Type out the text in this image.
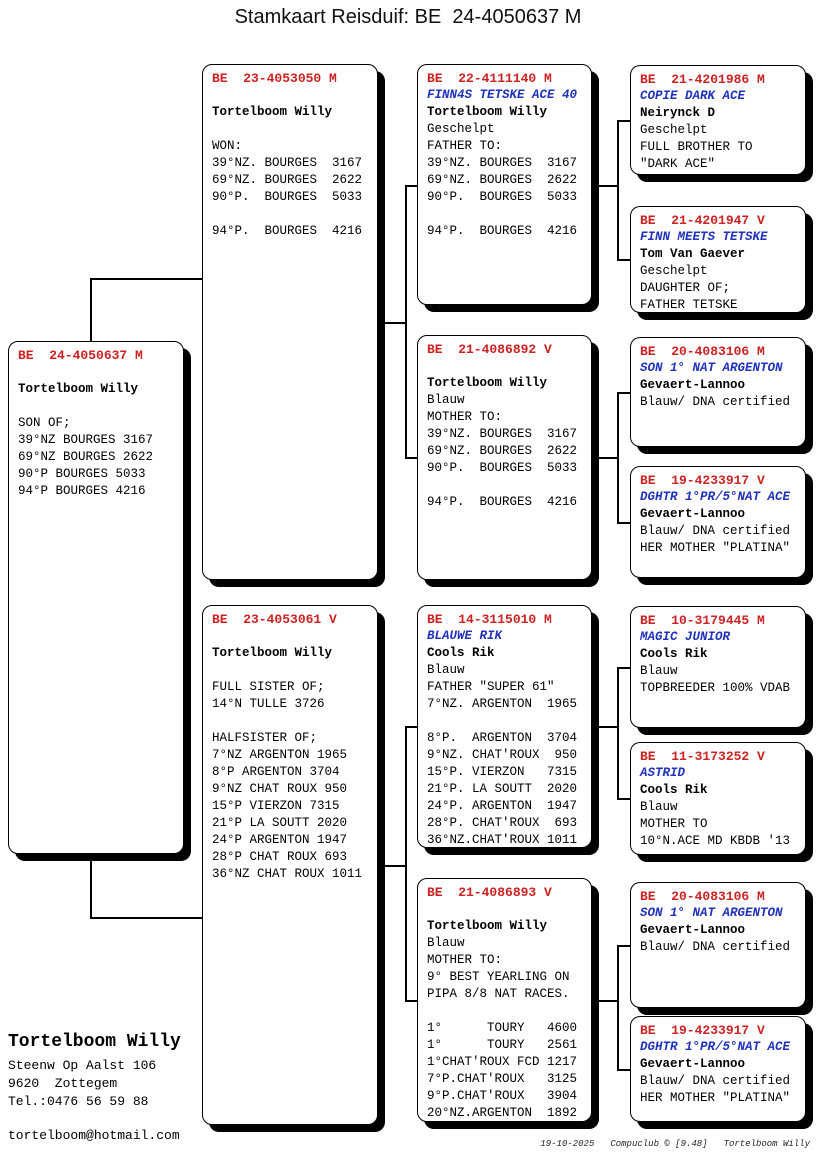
Stamkaart Reisduif: BE  24-4050637 M
BE  24-4050637 M

Tortelboom Willy

SON OF;
39°NZ BOURGES 3167
69°NZ BOURGES 2622
90°P BOURGES 5033
94°P BOURGES 4216
BE  23-4053050 M

Tortelboom Willy

WON:
39°NZ. BOURGES  3167
69°NZ. BOURGES  2622
90°P.  BOURGES  5033

94°P.  BOURGES  4216
BE  23-4053061 V

Tortelboom Willy

FULL SISTER OF;
14°N TULLE 3726

HALFSISTER OF;
7°NZ ARGENTON 1965
8°P ARGENTON 3704
9°NZ CHAT ROUX 950
15°P VIERZON 7315
21°P LA SOUTT 2020
24°P ARGENTON 1947
28°P CHAT ROUX 693
36°NZ CHAT ROUX 1011
BE  22-4111140 M
FINN4S TETSKE ACE 40
Tortelboom Willy
Geschelpt
FATHER TO:
39°NZ. BOURGES  3167
69°NZ. BOURGES  2622
90°P.  BOURGES  5033

94°P.  BOURGES  4216
BE  21-4086892 V

Tortelboom Willy
Blauw
MOTHER TO:
39°NZ. BOURGES  3167
69°NZ. BOURGES  2622
90°P.  BOURGES  5033

94°P.  BOURGES  4216
BE  14-3115010 M
BLAUWE RIK
Cools Rik
Blauw
FATHER "SUPER 61"
7°NZ. ARGENTON  1965

8°P.  ARGENTON  3704
9°NZ. CHAT'ROUX  950
15°P. VIERZON   7315
21°P. LA SOUTT  2020
24°P. ARGENTON  1947
28°P. CHAT'ROUX  693
36°NZ.CHAT'ROUX 1011
BE  21-4086893 V

Tortelboom Willy
Blauw
MOTHER TO:
9° BEST YEARLING ON
PIPA 8/8 NAT RACES.

1°      TOURY   4600
1°      TOURY   2561
1°CHAT'ROUX FCD 1217
7°P.CHAT'ROUX   3125
9°P.CHAT'ROUX   3904
20°NZ.ARGENTON  1892
BE  21-4201986 M
COPIE DARK ACE
Neirynck D
Geschelpt
FULL BROTHER TO
"DARK ACE"
BE  21-4201947 V
FINN MEETS TETSKE
Tom Van Gaever
Geschelpt
DAUGHTER OF;
FATHER TETSKE
BE  20-4083106 M
SON 1° NAT ARGENTON
Gevaert-Lannoo
Blauw/ DNA certified
BE  19-4233917 V
DGHTR 1°PR/5°NAT ACE
Gevaert-Lannoo
Blauw/ DNA certified
HER MOTHER "PLATINA"
BE  10-3179445 M
MAGIC JUNIOR
Cools Rik
Blauw
TOPBREEDER 100% VDAB
BE  11-3173252 V
ASTRID
Cools Rik
Blauw
MOTHER TO
10°N.ACE MD KBDB '13
BE  20-4083106 M
SON 1° NAT ARGENTON
Gevaert-Lannoo
Blauw/ DNA certified
BE  19-4233917 V
DGHTR 1°PR/5°NAT ACE
Gevaert-Lannoo
Blauw/ DNA certified
HER MOTHER "PLATINA"
Tortelboom Willy
Steenw Op Aalst 106
9620  Zottegem
Tel.:0476 56 59 88
tortelboom@hotmail.com
19-10-2025 Compuclub © [9.48] Tortelboom Willy
